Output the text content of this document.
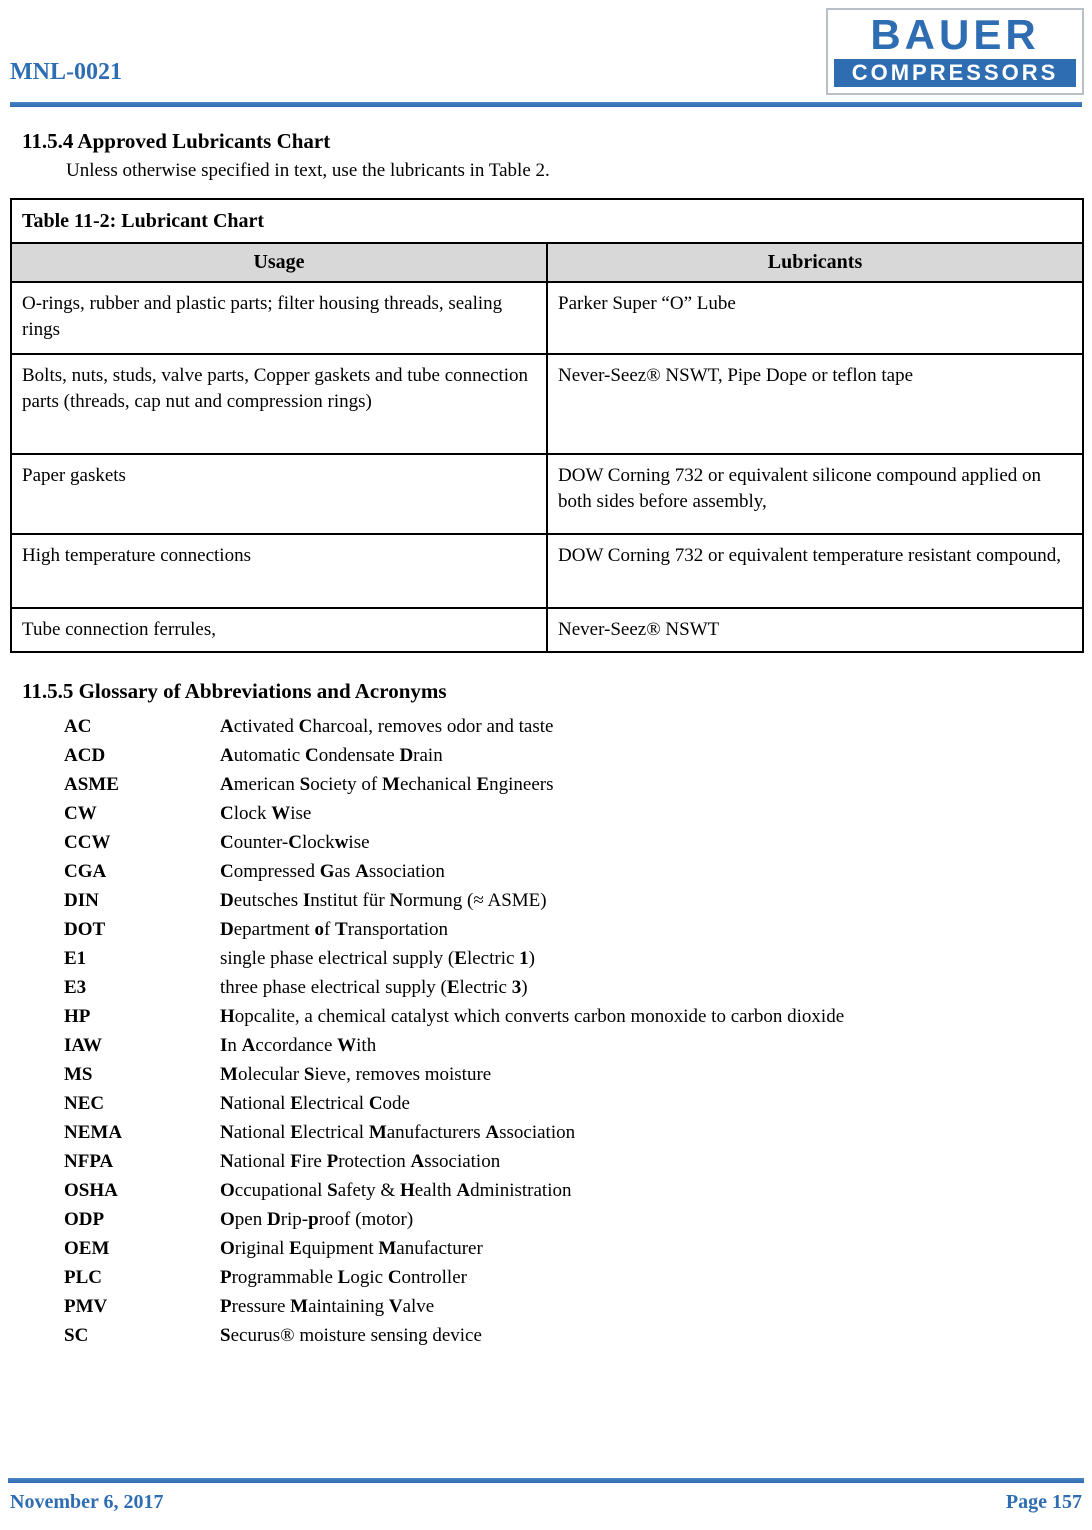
MNL-0021
BAUER
COMPRESSORS
11.5.4 Approved Lubricants Chart
Unless otherwise specified in text, use the lubricants in Table 2.
Table 11-2: Lubricant Chart	
Usage	Lubricants
O-rings, rubber and plastic parts; filter housing threads, sealing rings	Parker Super “O” Lube
Bolts, nuts, studs, valve parts, Copper gaskets and tube connection parts (threads, cap nut and compression rings)	Never-Seez® NSWT, Pipe Dope or teflon tape
Paper gaskets	DOW Corning 732 or equivalent silicone compound applied on both sides before assembly,
High temperature connections	DOW Corning 732 or equivalent temperature resistant compound,
Tube connection ferrules,	Never-Seez® NSWT
11.5.5 Glossary of Abbreviations and Acronyms
AC	Activated Charcoal, removes odor and taste
ACD	Automatic Condensate Drain
ASME	American Society of Mechanical Engineers
CW	Clock Wise
CCW	Counter-Clockwise
CGA	Compressed Gas Association
DIN	Deutsches Institut für Normung (≈ ASME)
DOT	Department of Transportation
E1	single phase electrical supply (Electric 1)
E3	three phase electrical supply (Electric 3)
HP	Hopcalite, a chemical catalyst which converts carbon monoxide to carbon dioxide
IAW	In Accordance With
MS	Molecular Sieve, removes moisture
NEC	National Electrical Code
NEMA	National Electrical Manufacturers Association
NFPA	National Fire Protection Association
OSHA	Occupational Safety & Health Administration
ODP	Open Drip-proof (motor)
OEM	Original Equipment Manufacturer
PLC	Programmable Logic Controller
PMV	Pressure Maintaining Valve
SC	Securus® moisture sensing device
November 6, 2017	Page 157
